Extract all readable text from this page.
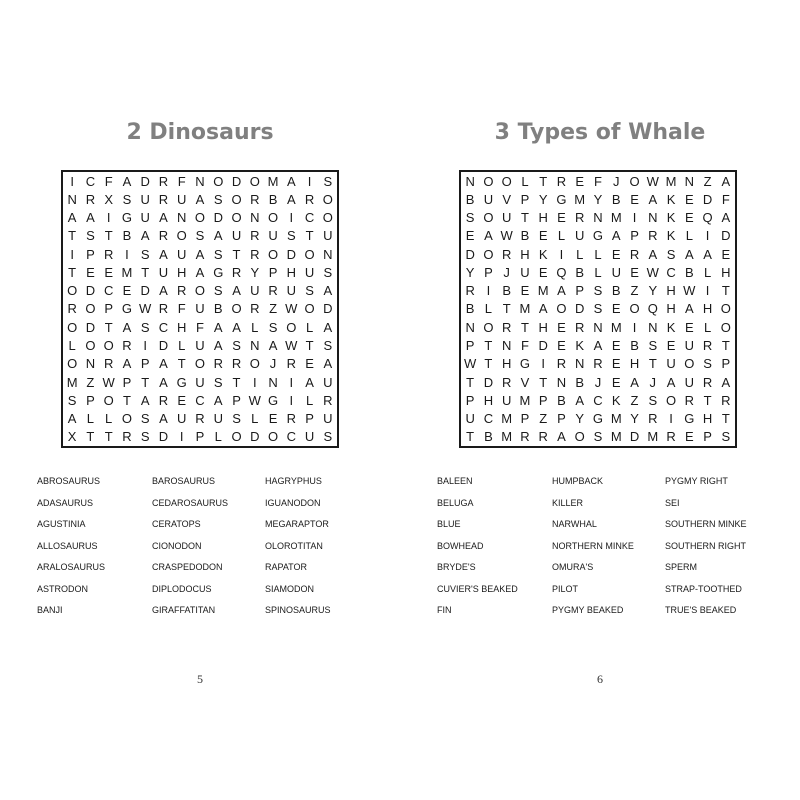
2 Dinosaurs
I C F A D R F N O D O M A I S
N R X S U R U A S O R B A R O
A A I G U A N O D O N O I C O
T S T B A R O S A U R U S T U
I P R I S A U A S T R O D O N
T E E M T U H A G R Y P H U S
O D C E D A R O S A U R U S A
R O P G W R F U B O R Z W O D
O D T A S C H F A A L S O L A
L O O R I D L U A S N A W T S
O N R A P A T O R R O J R E A
M Z W P T A G U S T I N I A U
S P O T A R E C A P W G I L R
A L L O S A U R U S L E R P U
X T T R S D I P L O D O C U S
ABROSAURUS	BAROSAURUS	HAGRYPHUS
ADASAURUS	CEDAROSAURUS	IGUANODON
AGUSTINIA	CERATOPS	MEGARAPTOR
ALLOSAURUS	CIONODON	OLOROTITAN
ARALOSAURUS	CRASPEDODON	RAPATOR
ASTRODON	DIPLODOCUS	SIAMODON
BANJI	GIRAFFATITAN	SPINOSAURUS
5
3 Types of Whale
N O O L T R E F J O W M N Z A
B U V P Y G M Y B E A K E D F
S O U T H E R N M I N K E Q A
E A W B E L U G A P R K L I D
D O R H K I L L E R A S A A E
Y P J U E Q B L U E W C B L H
R I B E M A P S B Z Y H W I T
B L T M A O D S E O Q H A H O
N O R T H E R N M I N K E L O
P T N F D E K A E B S E U R T
W T H G I R N R E H T U O S P
T D R V T N B J E A J A U R A
P H U M P B A C K Z S O R T R
U C M P Z P Y G M Y R I G H T
T B M R R A O S M D M R E P S
BALEEN	HUMPBACK	PYGMY RIGHT
BELUGA	KILLER	SEI
BLUE	NARWHAL	SOUTHERN MINKE
BOWHEAD	NORTHERN MINKE	SOUTHERN RIGHT
BRYDE'S	OMURA'S	SPERM
CUVIER'S BEAKED	PILOT	STRAP-TOOTHED
FIN	PYGMY BEAKED	TRUE'S BEAKED
6
